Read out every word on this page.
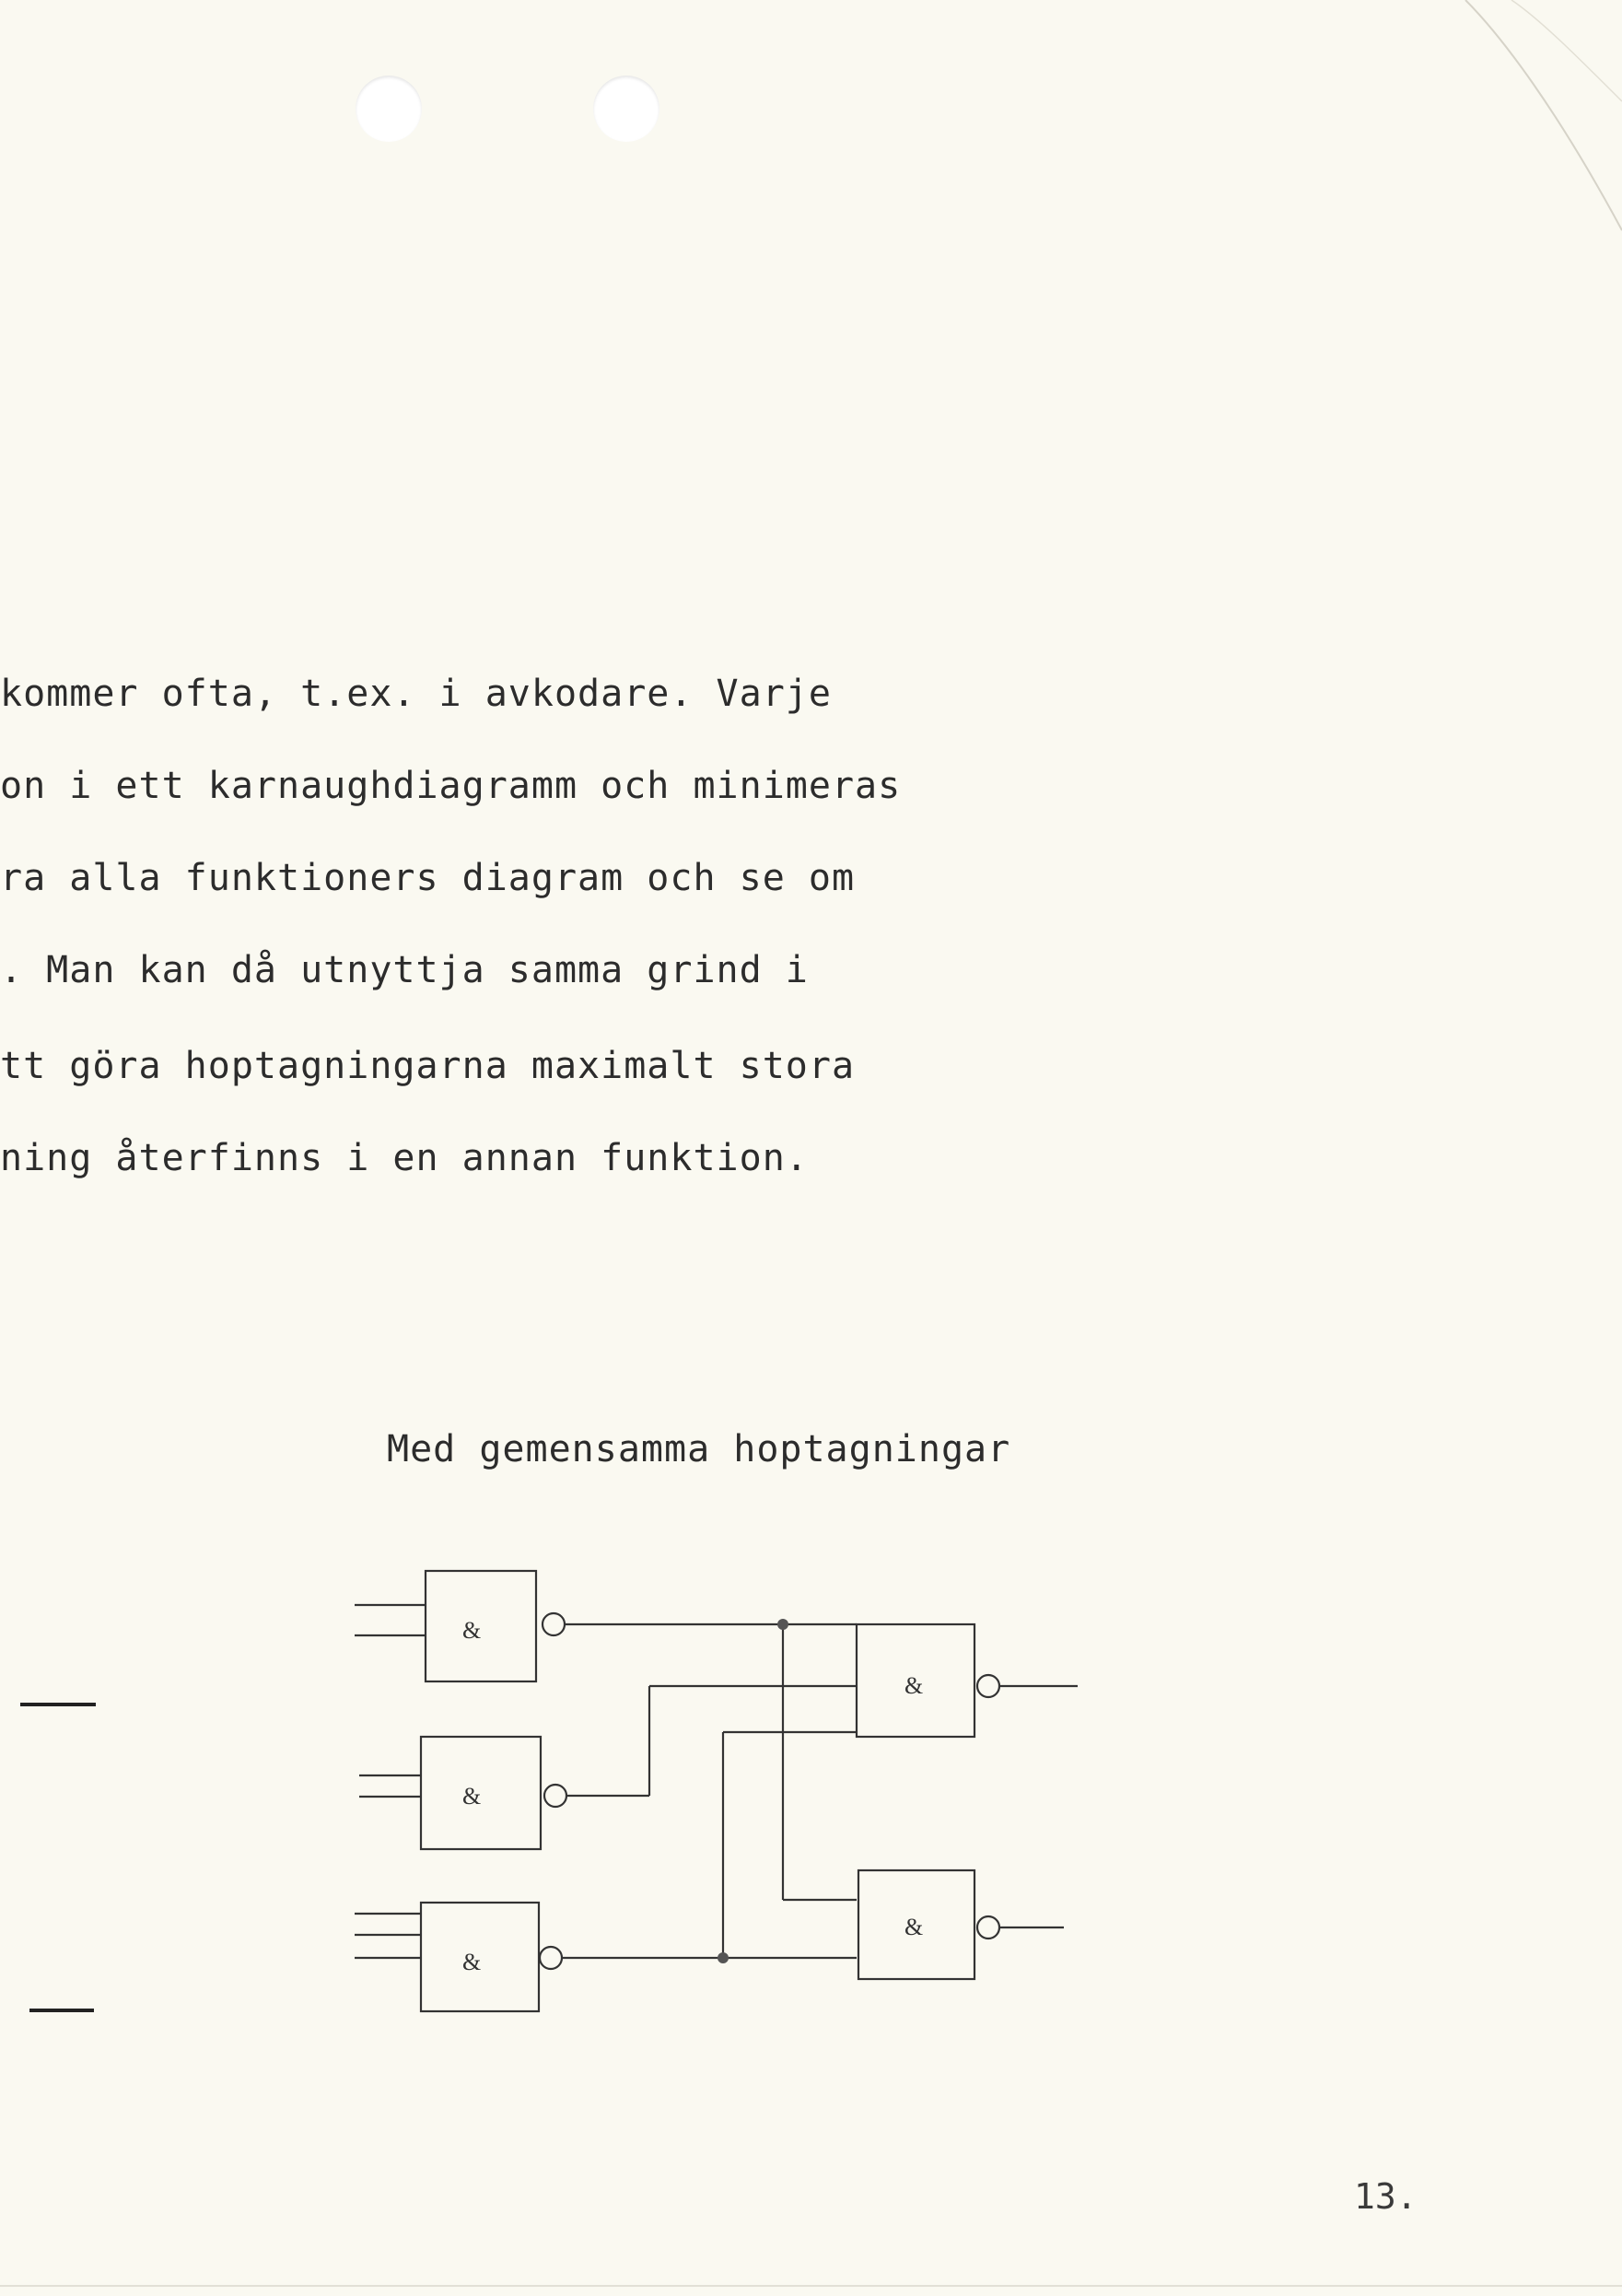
kommer ofta, t.ex. i avkodare. Varje
on i ett karnaughdiagramm och minimeras
ra alla funktioners diagram och se om
. Man kan då utnyttja samma grind i
tt göra hoptagningarna maximalt stora
ning återfinns i en annan funktion.
Med gemensamma hoptagningar
&
&
&
&
&
13.
